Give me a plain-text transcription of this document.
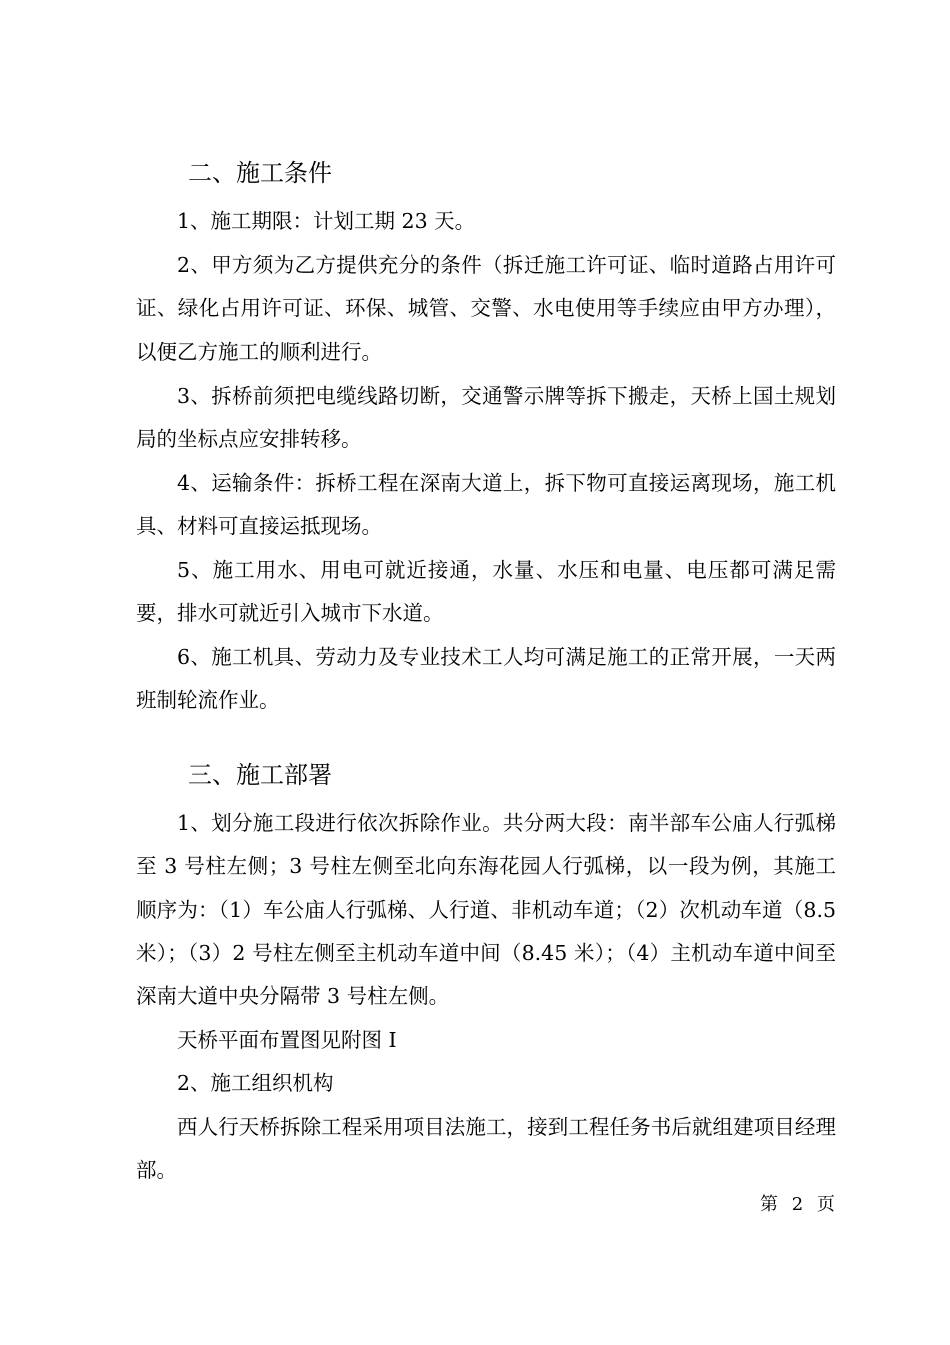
二、施工条件

1、施工期限：计划工期 23 天。

2、甲方须为乙方提供充分的条件（拆迁施工许可证、临时道路占用许可证、绿化占用许可证、环保、城管、交警、水电使用等手续应由甲方办理），以便乙方施工的顺利进行。

3、拆桥前须把电缆线路切断，交通警示牌等拆下搬走，天桥上国土规划局的坐标点应安排转移。

4、运输条件：拆桥工程在深南大道上，拆下物可直接运离现场，施工机具、材料可直接运抵现场。

5、施工用水、用电可就近接通，水量、水压和电量、电压都可满足需要，排水可就近引入城市下水道。

6、施工机具、劳动力及专业技术工人均可满足施工的正常开展，一天两班制轮流作业。

三、施工部署

1、划分施工段进行依次拆除作业。共分两大段：南半部车公庙人行弧梯至 3 号柱左侧；3 号柱左侧至北向东海花园人行弧梯，以一段为例，其施工顺序为：（1）车公庙人行弧梯、人行道、非机动车道；（2）次机动车道（8.5 米）；（3）2 号柱左侧至主机动车道中间（8.45 米）；（4）主机动车道中间至深南大道中央分隔带 3 号柱左侧。

天桥平面布置图见附图 I

2、施工组织机构

西人行天桥拆除工程采用项目法施工，接到工程任务书后就组建项目经理部。

第 2 页
